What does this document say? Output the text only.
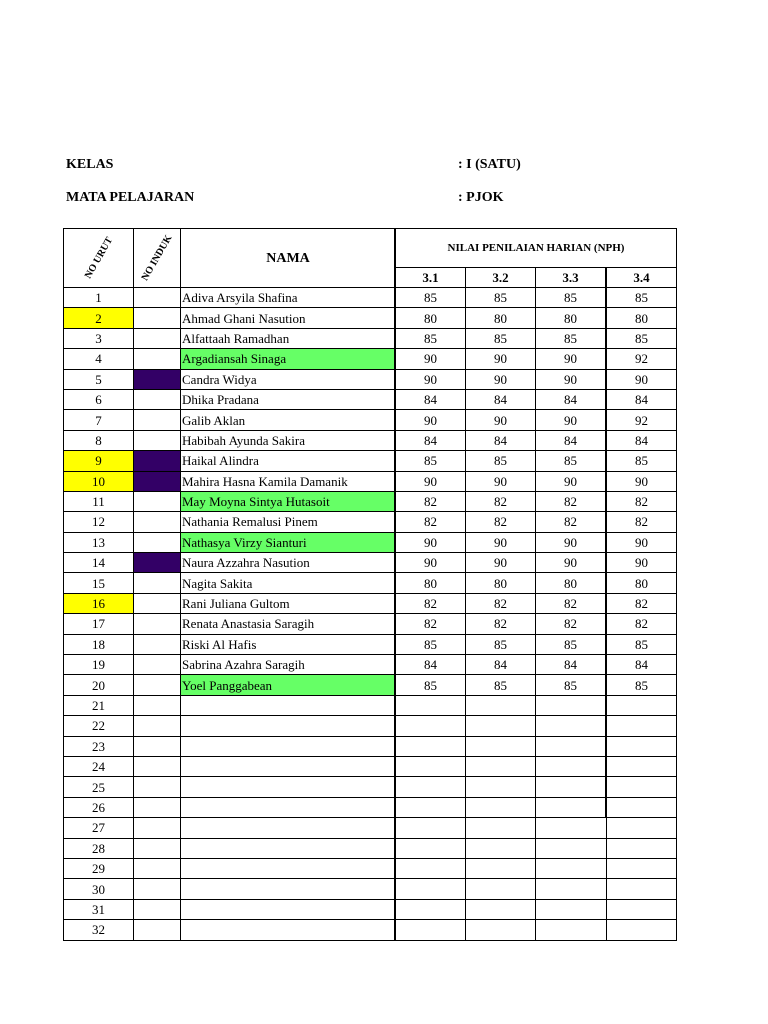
KELAS	: I (SATU)
MATA PELAJARAN	: PJOK
NO URUT	NO INDUK	NAMA	NILAI PENILAIAN HARIAN (NPH)			
			3.1	3.2	3.3	3.4
1		Adiva Arsyila Shafina	85	85	85	85
2		Ahmad Ghani Nasution	80	80	80	80
3		Alfattaah Ramadhan	85	85	85	85
4		Argadiansah Sinaga	90	90	90	92
5		Candra Widya	90	90	90	90
6		Dhika Pradana	84	84	84	84
7		Galib Aklan	90	90	90	92
8		Habibah Ayunda Sakira	84	84	84	84
9		Haikal Alindra	85	85	85	85
10		Mahira Hasna Kamila Damanik	90	90	90	90
11		May Moyna Sintya Hutasoit	82	82	82	82
12		Nathania Remalusi Pinem	82	82	82	82
13		Nathasya Virzy Sianturi	90	90	90	90
14		Naura Azzahra Nasution	90	90	90	90
15		Nagita Sakita	80	80	80	80
16		Rani Juliana Gultom	82	82	82	82
17		Renata Anastasia Saragih	82	82	82	82
18		Riski Al Hafis	85	85	85	85
19		Sabrina Azahra Saragih	84	84	84	84
20		Yoel Panggabean	85	85	85	85
21						
22						
23						
24						
25						
26						
27						
28						
29						
30						
31						
32						
